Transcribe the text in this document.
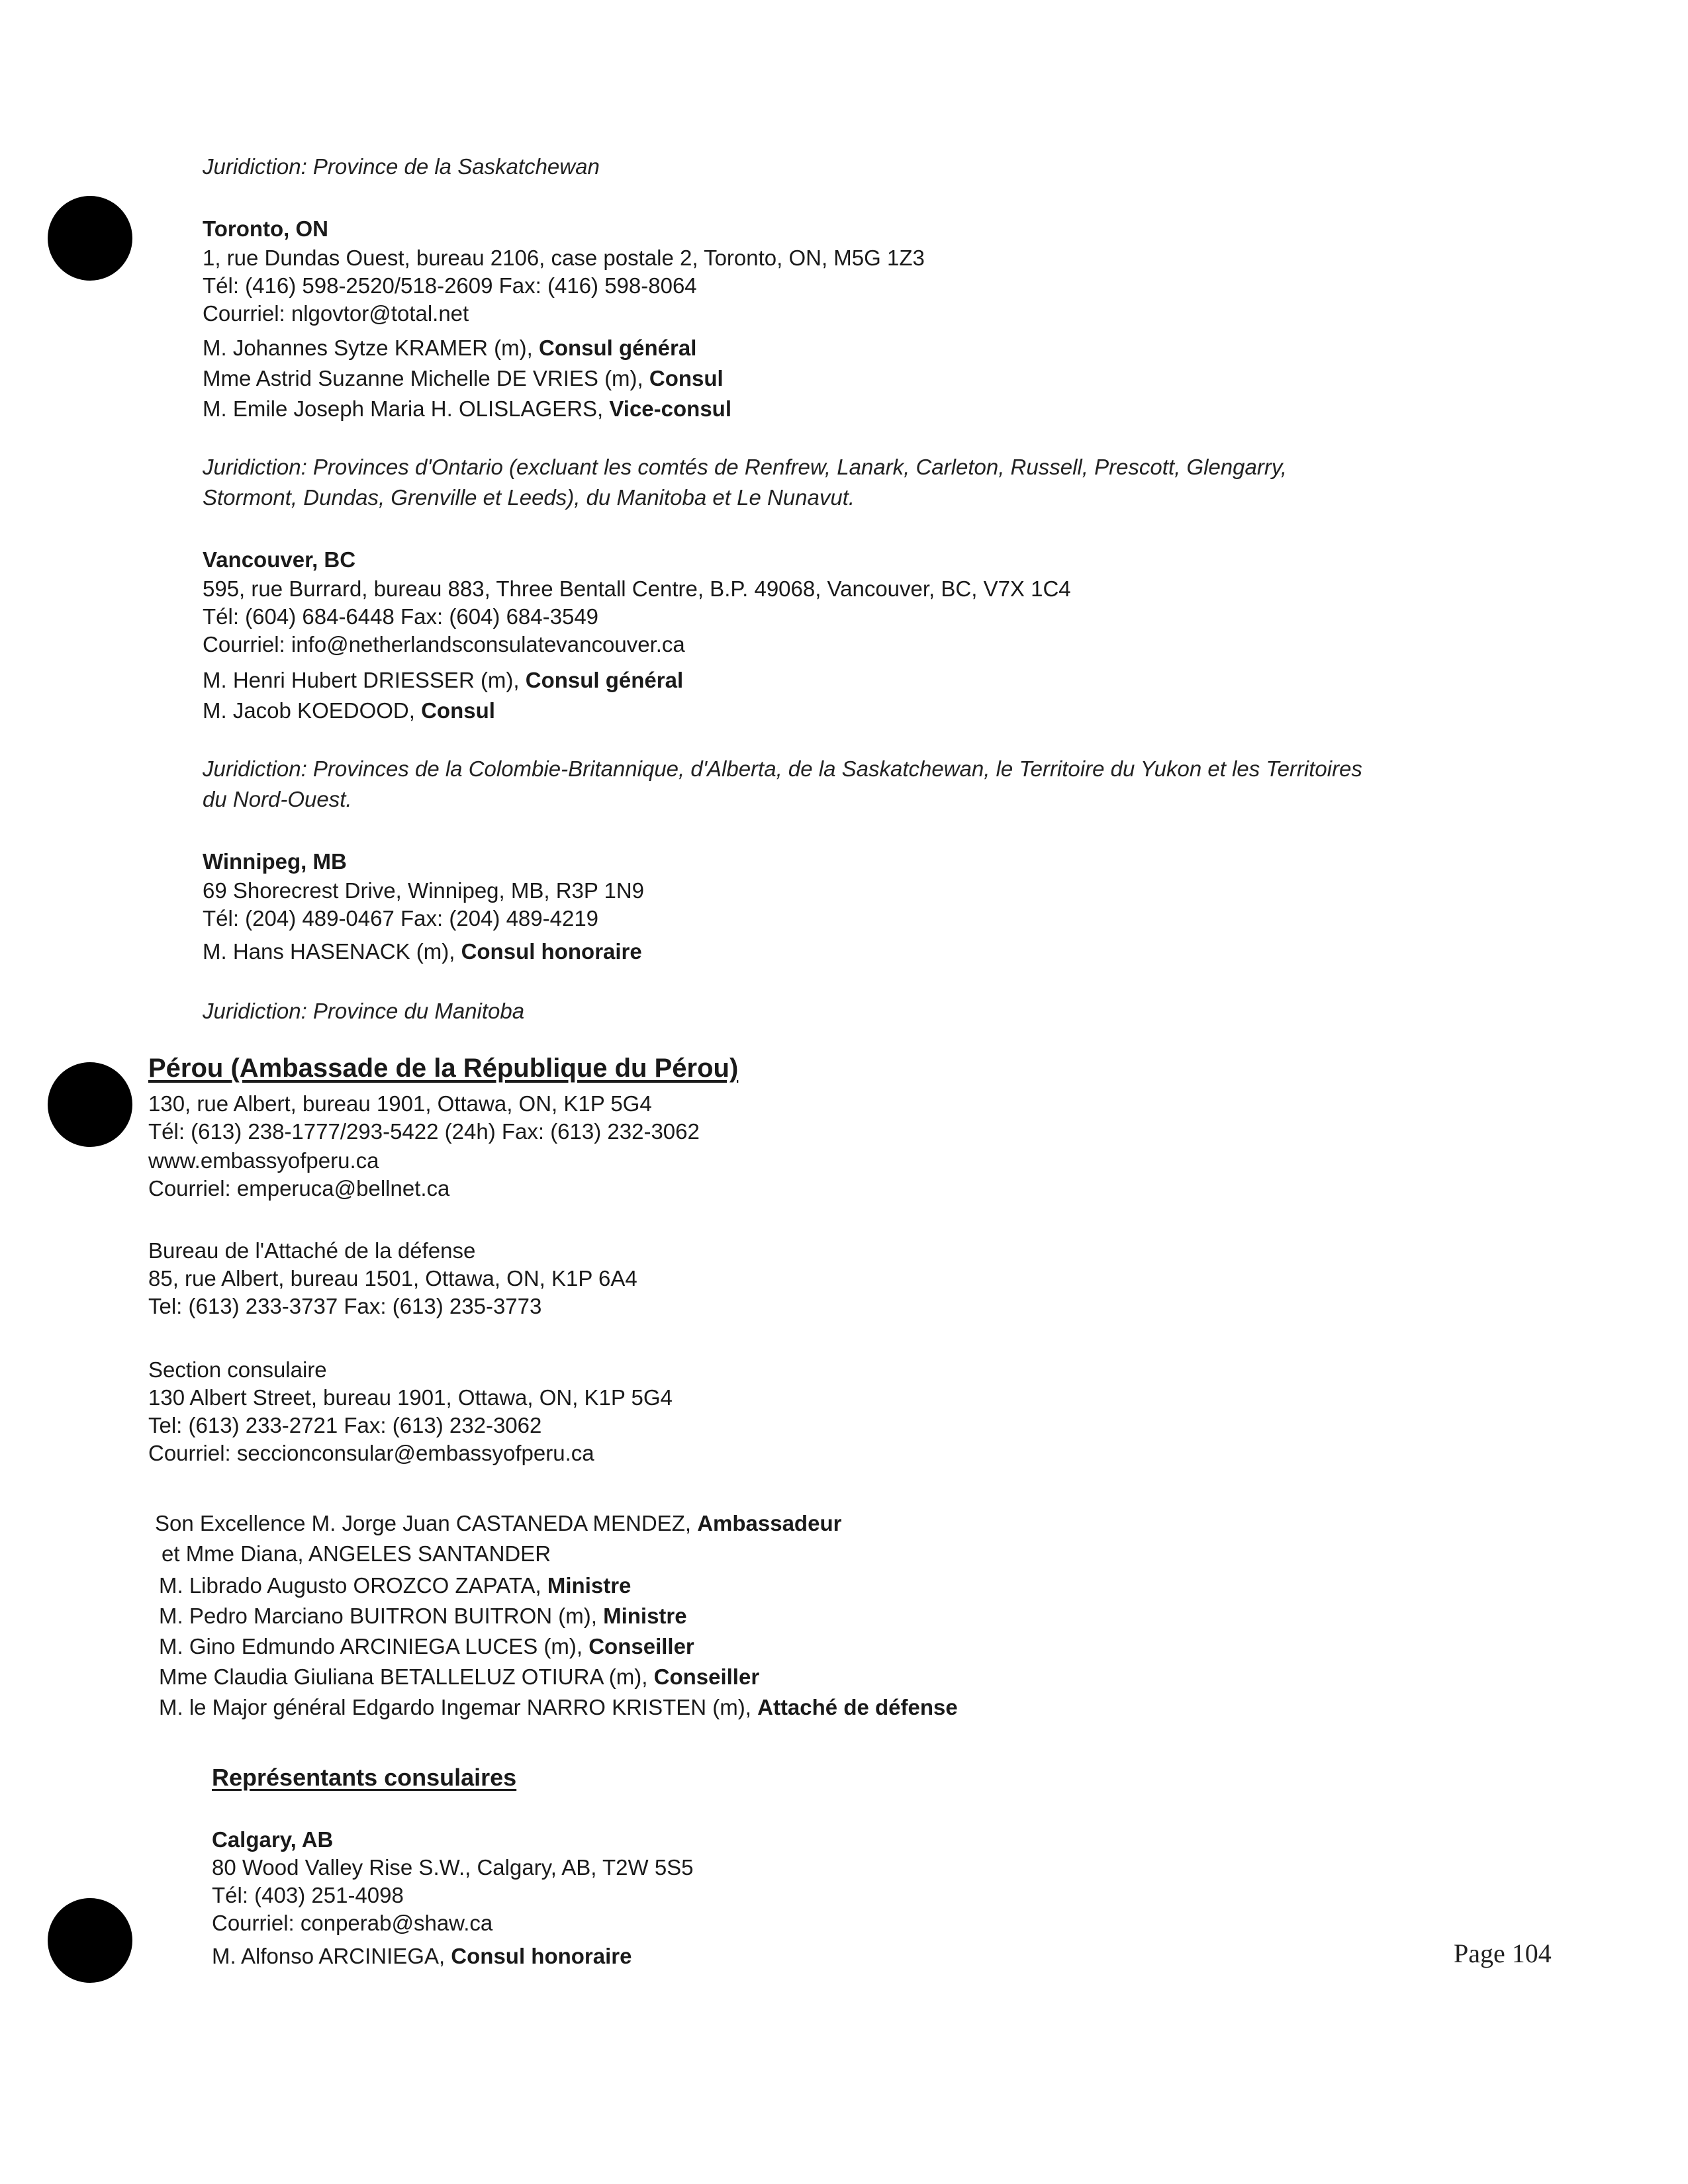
Juridiction: Province de la Saskatchewan
Toronto, ON
1, rue Dundas Ouest, bureau 2106, case postale 2, Toronto, ON, M5G 1Z3
Tél: (416) 598-2520/518-2609 Fax: (416) 598-8064
Courriel: nlgovtor@total.net
M. Johannes Sytze KRAMER (m), Consul général
Mme Astrid Suzanne Michelle DE VRIES (m), Consul
M. Emile Joseph Maria H. OLISLAGERS, Vice-consul
Juridiction: Provinces d'Ontario (excluant les comtés de Renfrew, Lanark, Carleton, Russell, Prescott, Glengarry,
Stormont, Dundas, Grenville et Leeds), du Manitoba et Le Nunavut.
Vancouver, BC
595, rue Burrard, bureau 883, Three Bentall Centre, B.P. 49068, Vancouver, BC, V7X 1C4
Tél: (604) 684-6448 Fax: (604) 684-3549
Courriel: info@netherlandsconsulatevancouver.ca
M. Henri Hubert DRIESSER (m), Consul général
M. Jacob KOEDOOD, Consul
Juridiction: Provinces de la Colombie-Britannique, d'Alberta, de la Saskatchewan, le Territoire du Yukon et les Territoires
du Nord-Ouest.
Winnipeg, MB
69 Shorecrest Drive, Winnipeg, MB, R3P 1N9
Tél: (204) 489-0467 Fax: (204) 489-4219
M. Hans HASENACK (m), Consul honoraire
Juridiction: Province du Manitoba
Pérou (Ambassade de la République du Pérou)
130, rue Albert, bureau 1901, Ottawa, ON, K1P 5G4
Tél: (613) 238-1777/293-5422 (24h) Fax: (613) 232-3062
www.embassyofperu.ca
Courriel: emperuca@bellnet.ca
Bureau de l'Attaché de la défense
85, rue Albert, bureau 1501, Ottawa, ON, K1P 6A4
Tel: (613) 233-3737 Fax: (613) 235-3773
Section consulaire
130 Albert Street, bureau 1901, Ottawa, ON, K1P 5G4
Tel: (613) 233-2721 Fax: (613) 232-3062
Courriel: seccionconsular@embassyofperu.ca
Son Excellence M. Jorge Juan CASTANEDA MENDEZ, Ambassadeur
et Mme Diana, ANGELES SANTANDER
M. Librado Augusto OROZCO ZAPATA, Ministre
M. Pedro Marciano BUITRON BUITRON (m), Ministre
M. Gino Edmundo ARCINIEGA LUCES (m), Conseiller
Mme Claudia Giuliana BETALLELUZ OTIURA (m), Conseiller
M. le Major général Edgardo Ingemar NARRO KRISTEN (m), Attaché de défense
Représentants consulaires
Calgary, AB
80 Wood Valley Rise S.W., Calgary, AB, T2W 5S5
Tél: (403) 251-4098
Courriel: conperab@shaw.ca
M. Alfonso ARCINIEGA, Consul honoraire	Page 104
